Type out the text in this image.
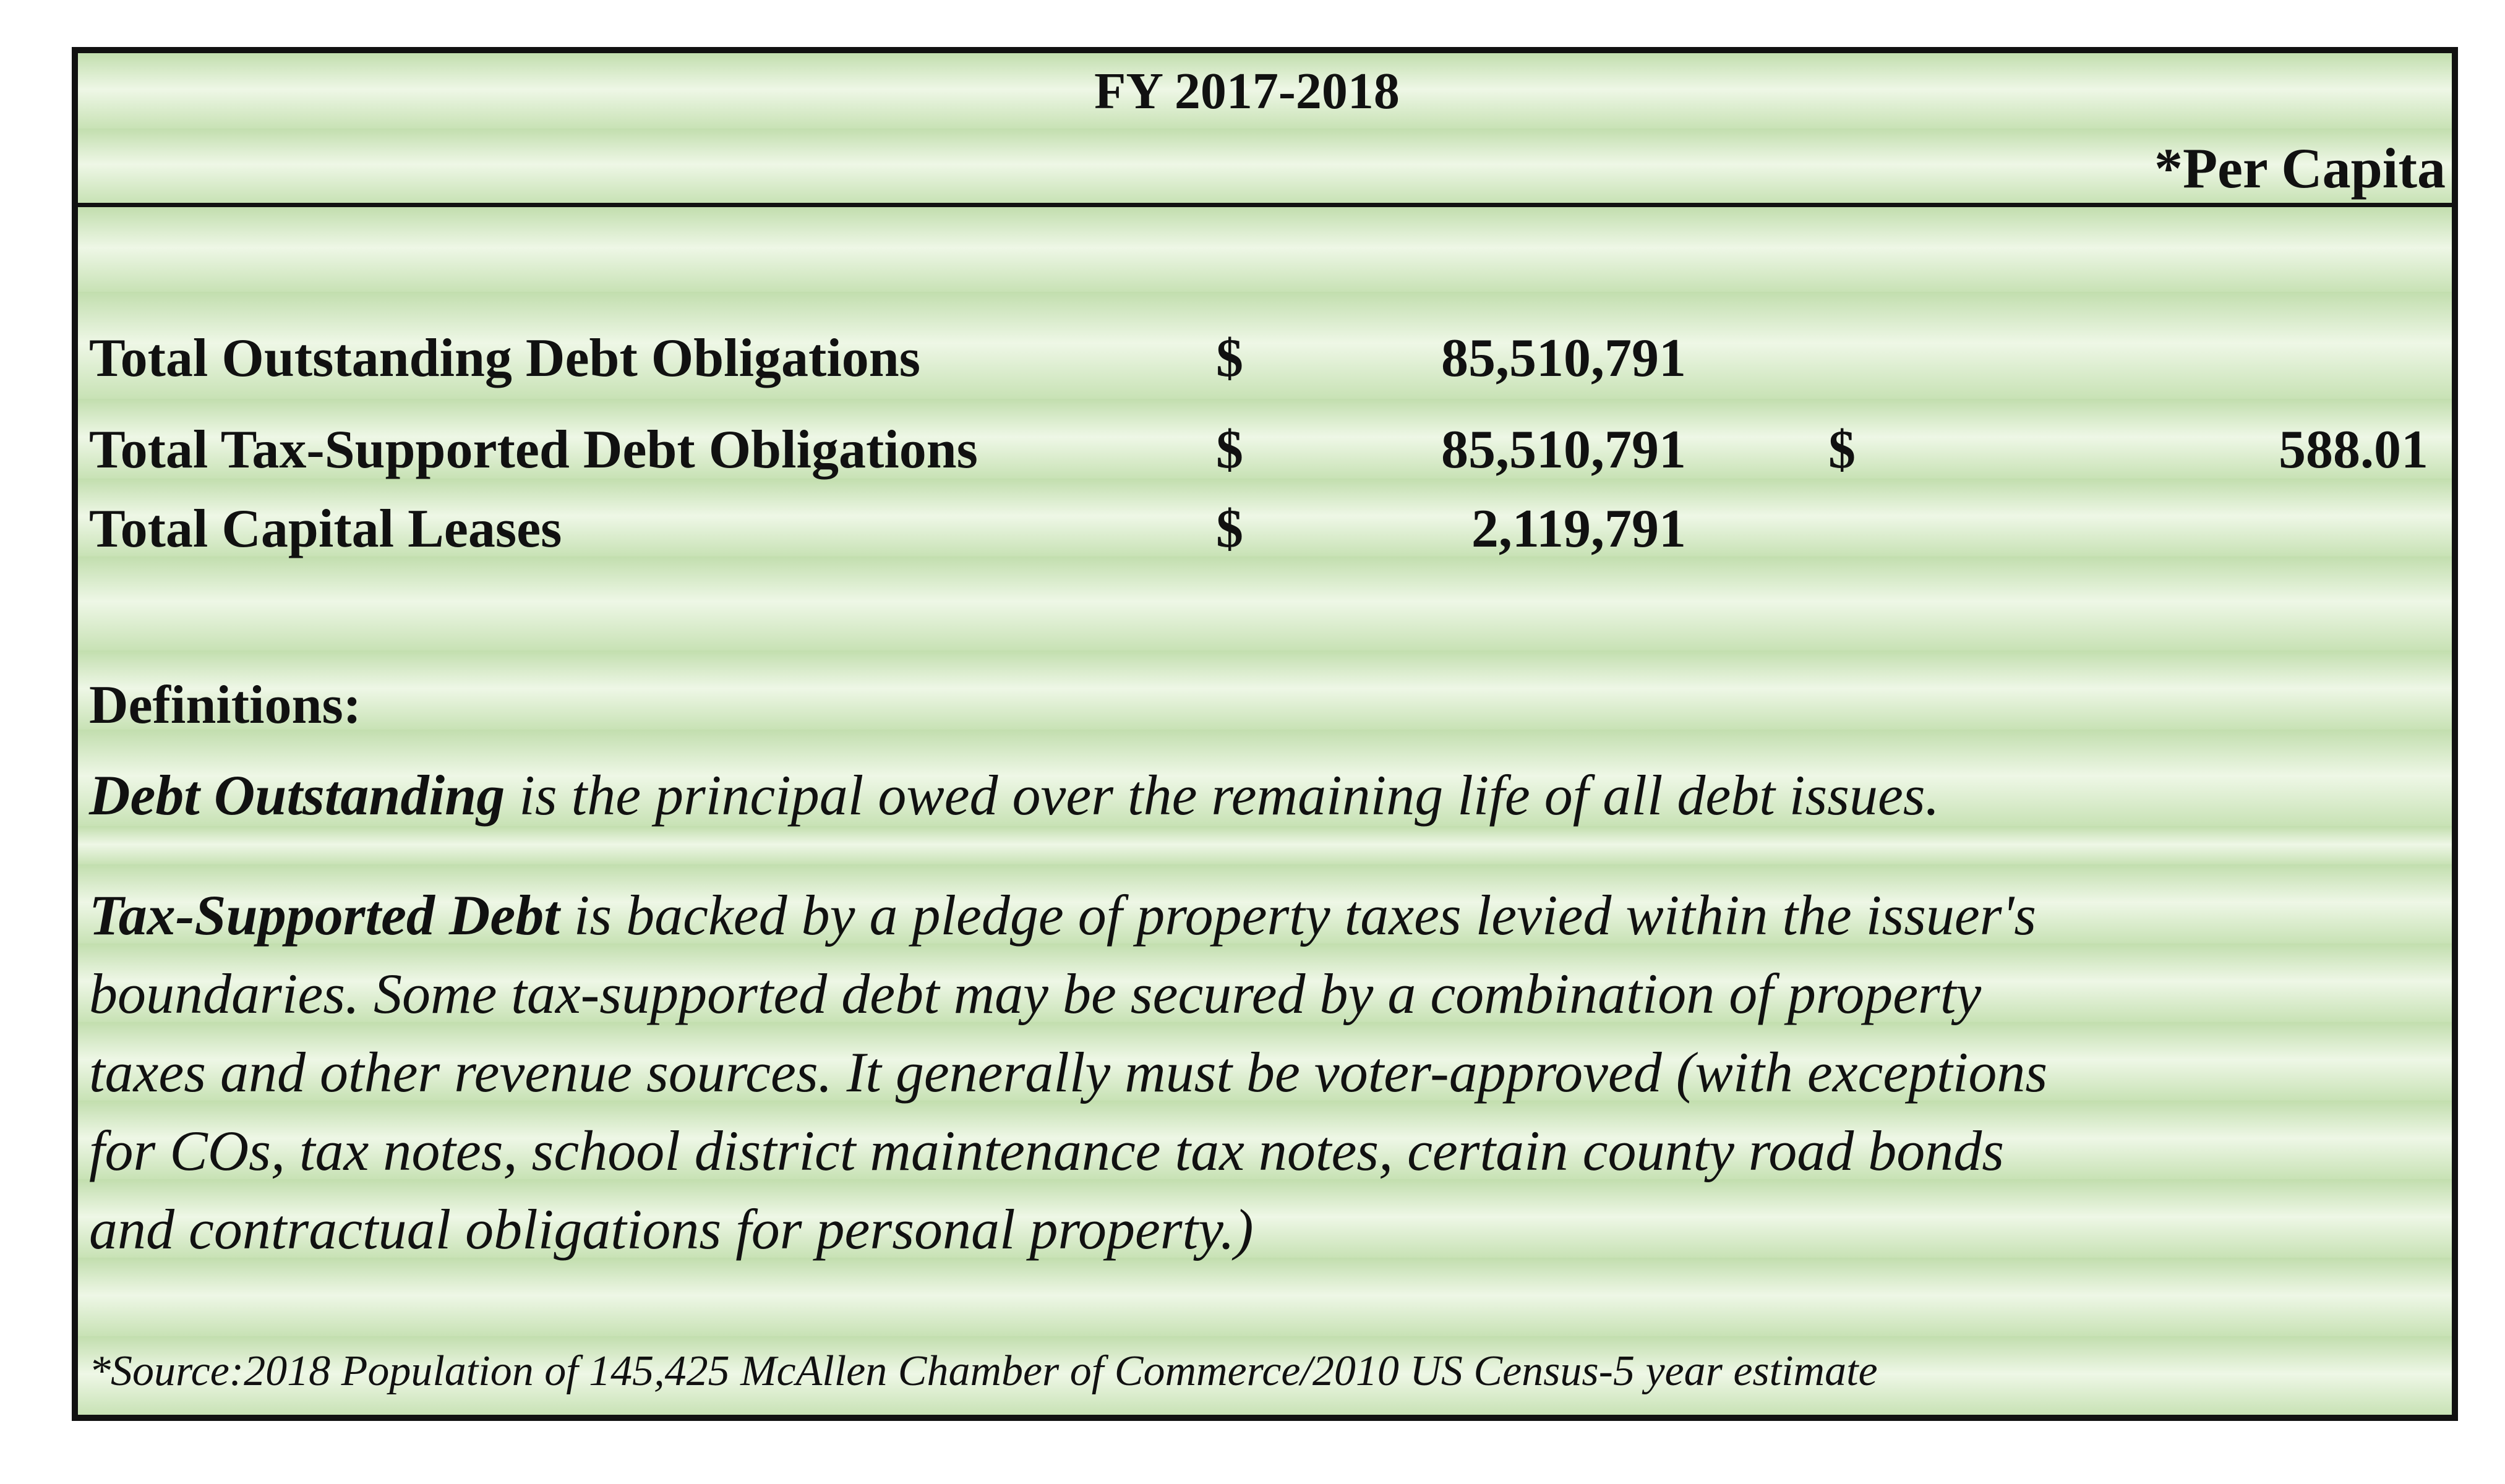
FY 2017-2018
*Per Capita
Total Outstanding Debt Obligations	$	85,510,791
Total Tax-Supported Debt Obligations	$	85,510,791	$	588.01
Total Capital Leases	$	2,119,791
Definitions:
Debt Outstanding is the principal owed over the remaining life of all debt issues.
Tax-Supported Debt is backed by a pledge of property taxes levied within the issuer's
boundaries. Some tax-supported debt may be secured by a combination of property
taxes and other revenue sources. It generally must be voter-approved (with exceptions
for COs, tax notes, school district maintenance tax notes, certain county road bonds
and contractual obligations for personal property.)
*Source:2018 Population of 145,425 McAllen Chamber of Commerce/2010 US Census-5 year estimate
